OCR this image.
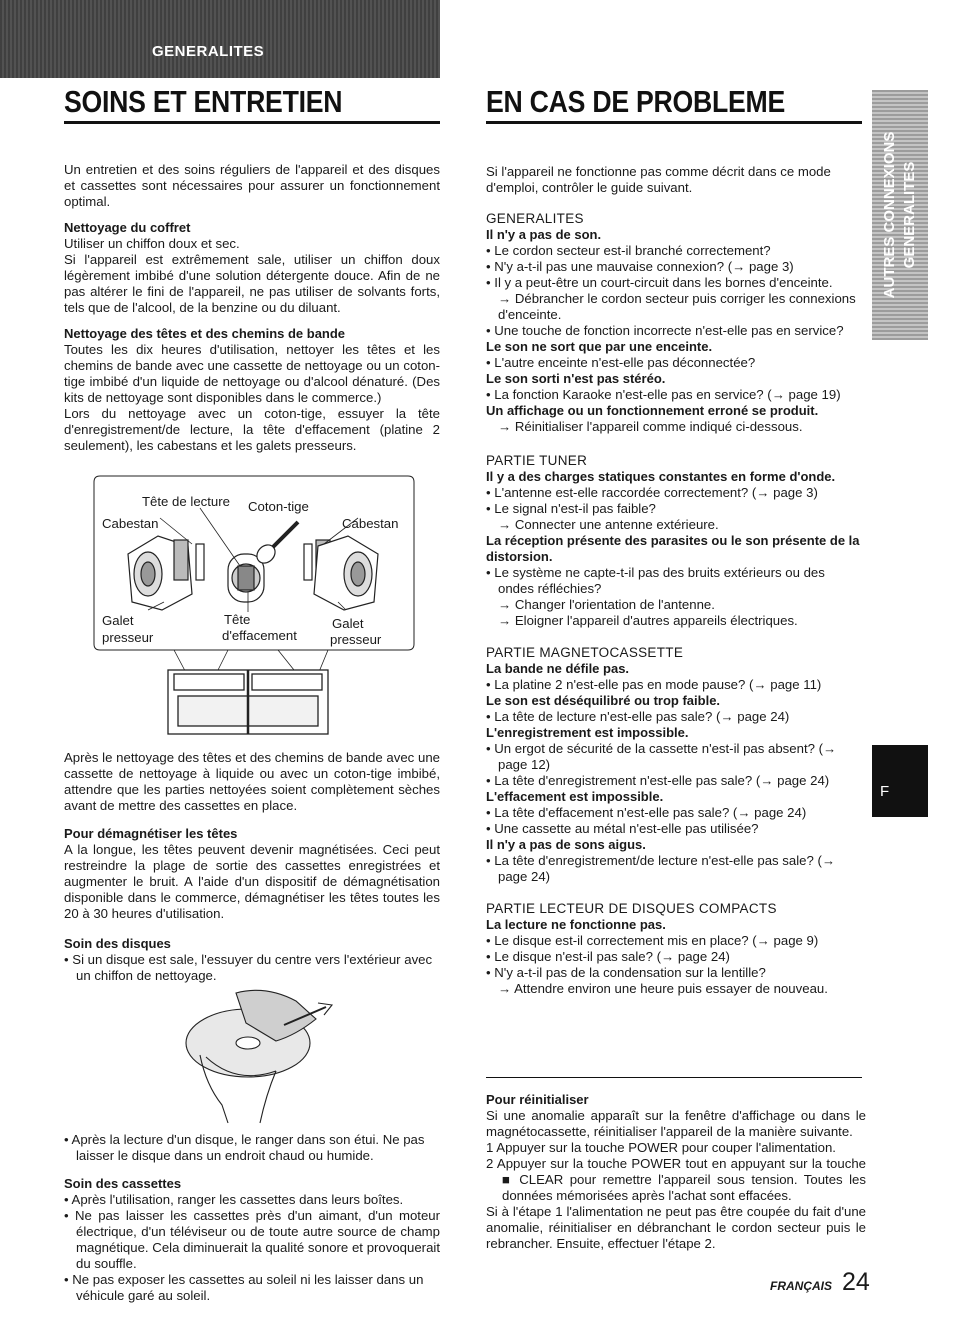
GENERALITES
SOINS ET ENTRETIEN

Un entretien et des soins réguliers de l'appareil et des disques et cassettes sont nécessaires pour assurer un fonctionnement optimal.

Nettoyage du coffret

Utiliser un chiffon doux et sec.

Si l'appareil est extrêmement sale, utiliser un chiffon doux légèrement imbibé d'une solution détergente douce. Afin de ne pas altérer le fini de l'appareil, ne pas utiliser de solvants forts, tels que de l'alcool, de la benzine ou du diluant.

Nettoyage des têtes et des chemins de bande

Toutes les dix heures d'utilisation, nettoyer les têtes et les chemins de bande avec une cassette de nettoyage ou un coton-tige imbibé d'un liquide de nettoyage ou d'alcool dénaturé. (Des kits de nettoyage sont disponibles dans le commerce.)

Lors du nettoyage avec un coton-tige, essuyer la tête d'enregistrement/de lecture, la tête d'effacement (platine 2 seulement), les cabestans et les galets presseurs.

Tête de lecture Coton-tige
Cabestan	Cabestan
Galet
presseur
Tête
d'effacement
Galet
presseur

Après le nettoyage des têtes et des chemins de bande avec une cassette de nettoyage à liquide ou avec un coton-tige imbibé, attendre que les parties nettoyées soient complètement sèches avant de mettre des cassettes en place.

Pour démagnétiser les têtes

A la longue, les têtes peuvent devenir magnétisées. Ceci peut restreindre la plage de sortie des cassettes enregistrées et augmenter le bruit. A l'aide d'un dispositif de démagnétisation disponible dans le commerce, démagnétiser les têtes toutes les 20 à 30 heures d'utilisation.

Soin des disques

• Si un disque est sale, l'essuyer du centre vers l'extérieur avec un chiffon de nettoyage.

• Après la lecture d'un disque, le ranger dans son étui. Ne pas laisser le disque dans un endroit chaud ou humide.

Soin des cassettes

• Après l'utilisation, ranger les cassettes dans leurs boîtes.

• Ne pas laisser les cassettes près d'un aimant, d'un moteur électrique, d'un téléviseur ou de toute autre source de champ magnétique. Cela diminuerait la qualité sonore et provoquerait du souffle.

• Ne pas exposer les cassettes au soleil ni les laisser dans un véhicule garé au soleil.

EN CAS DE PROBLEME

Si l'appareil ne fonctionne pas comme décrit dans ce mode d'emploi, contrôler le guide suivant.

GENERALITES

Il n'y a pas de son.

• Le cordon secteur est-il branché correctement?

• N'y a-t-il pas une mauvaise connexion? (→ page 3)

• Il y a peut-être un court-circuit dans les bornes d'enceinte.

→ Débrancher le cordon secteur puis corriger les connexions d'enceinte.

• Une touche de fonction incorrecte n'est-elle pas en service?

Le son ne sort que par une enceinte.

• L'autre enceinte n'est-elle pas déconnectée?

Le son sorti n'est pas stéréo.

• La fonction Karaoke n'est-elle pas en service? (→ page 19)

Un affichage ou un fonctionnement erroné se produit.

→ Réinitialiser l'appareil comme indiqué ci-dessous.

PARTIE TUNER

Il y a des charges statiques constantes en forme d'onde.

• L'antenne est-elle raccordée correctement? (→ page 3)

• Le signal n'est-il pas faible?

→ Connecter une antenne extérieure.

La réception présente des parasites ou le son présente de la distorsion.

• Le système ne capte-t-il pas des bruits extérieurs ou des ondes réfléchies?

→ Changer l'orientation de l'antenne.

→ Eloigner l'appareil d'autres appareils électriques.

PARTIE MAGNETOCASSETTE

La bande ne défile pas.

• La platine 2 n'est-elle pas en mode pause? (→ page 11)

Le son est déséquilibré ou trop faible.

• La tête de lecture n'est-elle pas sale? (→ page 24)

L'enregistrement est impossible.

• Un ergot de sécurité de la cassette n'est-il pas absent? (→ page 12)

• La tête d'enregistrement n'est-elle pas sale? (→ page 24)

L'effacement est impossible.

• La tête d'effacement n'est-elle pas sale? (→ page 24)

• Une cassette au métal n'est-elle pas utilisée?

Il n'y a pas de sons aigus.

• La tête d'enregistrement/de lecture n'est-elle pas sale? (→ page 24)

PARTIE LECTEUR DE DISQUES COMPACTS

La lecture ne fonctionne pas.

• Le disque est-il correctement mis en place? (→ page 9)

• Le disque n'est-il pas sale? (→ page 24)

• N'y a-t-il pas de la condensation sur la lentille?

→ Attendre environ une heure puis essayer de nouveau.

Pour réinitialiser

Si une anomalie apparaît sur la fenêtre d'affichage ou dans le magnétocassette, réinitialiser l'appareil de la manière suivante.

1 Appuyer sur la touche POWER pour couper l'alimentation.

2 Appuyer sur la touche POWER tout en appuyant sur la touche ■ CLEAR pour remettre l'appareil sous tension. Toutes les données mémorisées après l'achat sont effacées.

Si à l'étape 1 l'alimentation ne peut pas être coupée du fait d'une anomalie, réinitialiser en débranchant le cordon secteur puis le rebrancher. Ensuite, effectuer l'étape 2.

AUTRES CONNEXIONS GENERALITES
F
FRANÇAIS 24
